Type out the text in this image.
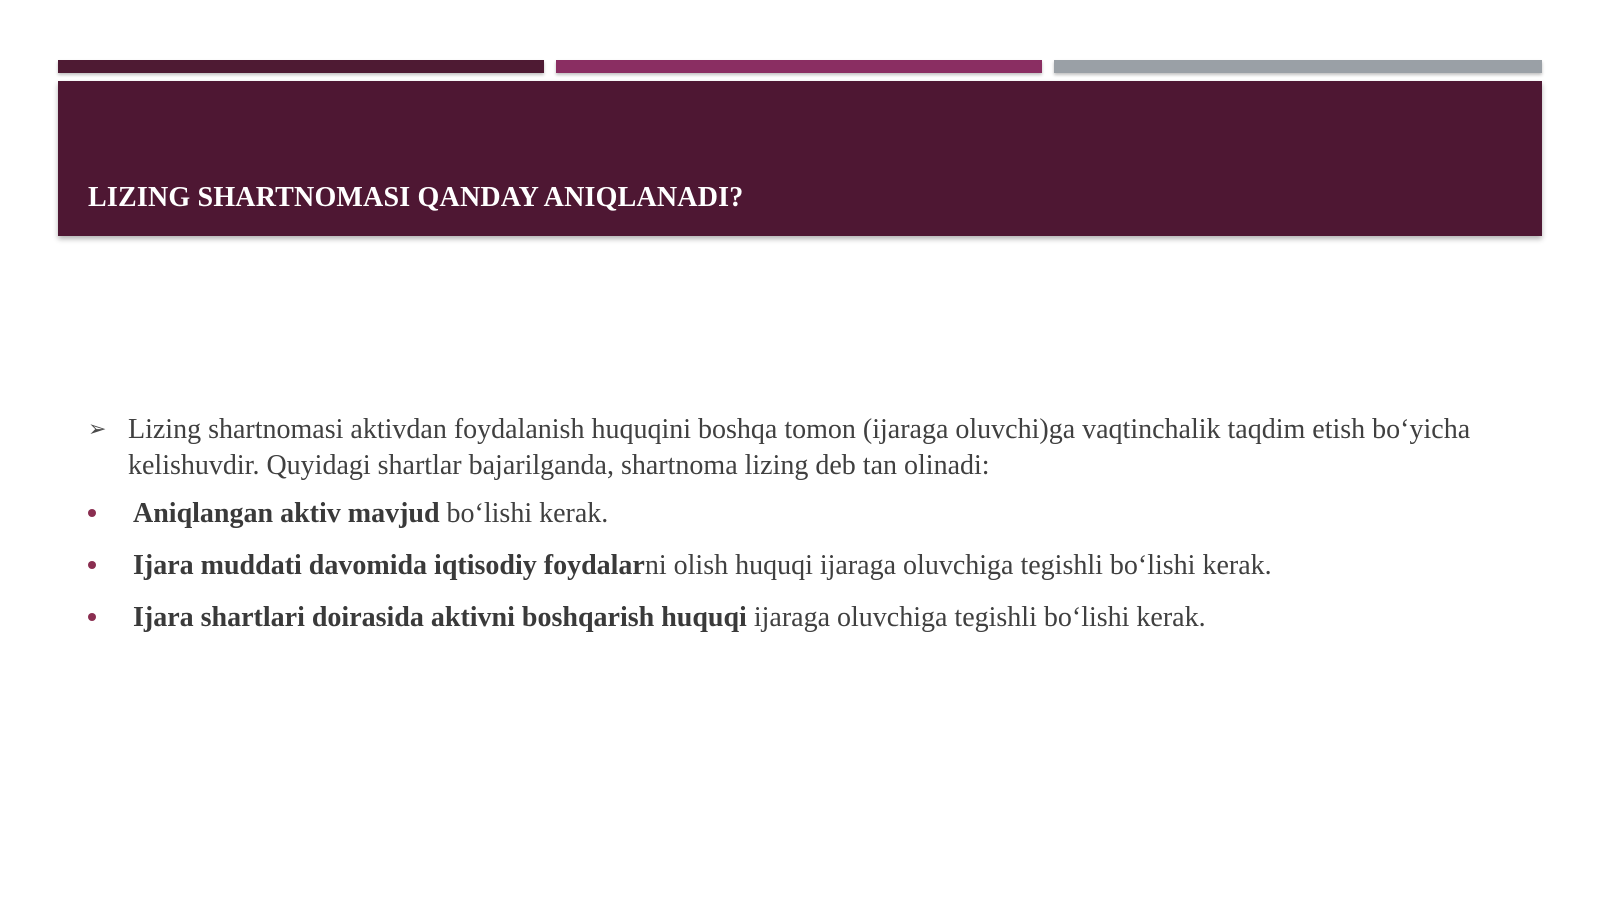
LIZING SHARTNOMASI QANDAY ANIQLANADI?

➢ Lizing shartnomasi aktivdan foydalanish huquqini boshqa tomon (ijaraga oluvchi)ga vaqtinchalik taqdim etish bo‘yicha kelishuvdir. Quyidagi shartlar bajarilganda, shartnoma lizing deb tan olinadi:

Aniqlangan aktiv mavjud bo‘lishi kerak.

Ijara muddati davomida iqtisodiy foydalarni olish huquqi ijaraga oluvchiga tegishli bo‘lishi kerak.

Ijara shartlari doirasida aktivni boshqarish huquqi ijaraga oluvchiga tegishli bo‘lishi kerak.
